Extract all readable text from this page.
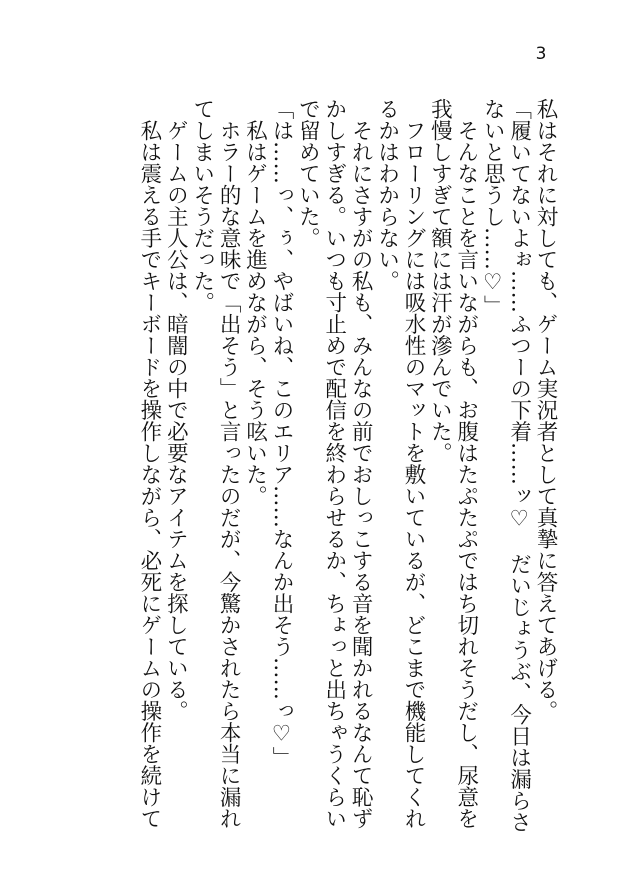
3
私はそれに対しても、ゲーム実況者として真摯に答えてあげる。
「履いてないよぉ……ふつーの下着……ッ♡　だいじょうぶ、今日は漏らさ
ないと思うし……♡」
　そんなことを言いながらも、お腹はたぷたぷではち切れそうだし、尿意を
我慢しすぎて額には汗が滲んでいた。
　フローリングには吸水性のマットを敷いているが、どこまで機能してくれ
るかはわからない。
　それにさすがの私も、みんなの前でおしっこする音を聞かれるなんて恥ず
かしすぎる。いつも寸止めで配信を終わらせるか、ちょっと出ちゃうくらい
で留めていた。
「は……っ、ぅ、やばいね、このエリア……なんか出そう……っ♡」
　私はゲームを進めながら、そう呟いた。
　ホラー的な意味で「出そう」と言ったのだが、今驚かされたら本当に漏れ
てしまいそうだった。
　ゲームの主人公は、暗闇の中で必要なアイテムを探している。
　私は震える手でキーボードを操作しながら、必死にゲームの操作を続けて
